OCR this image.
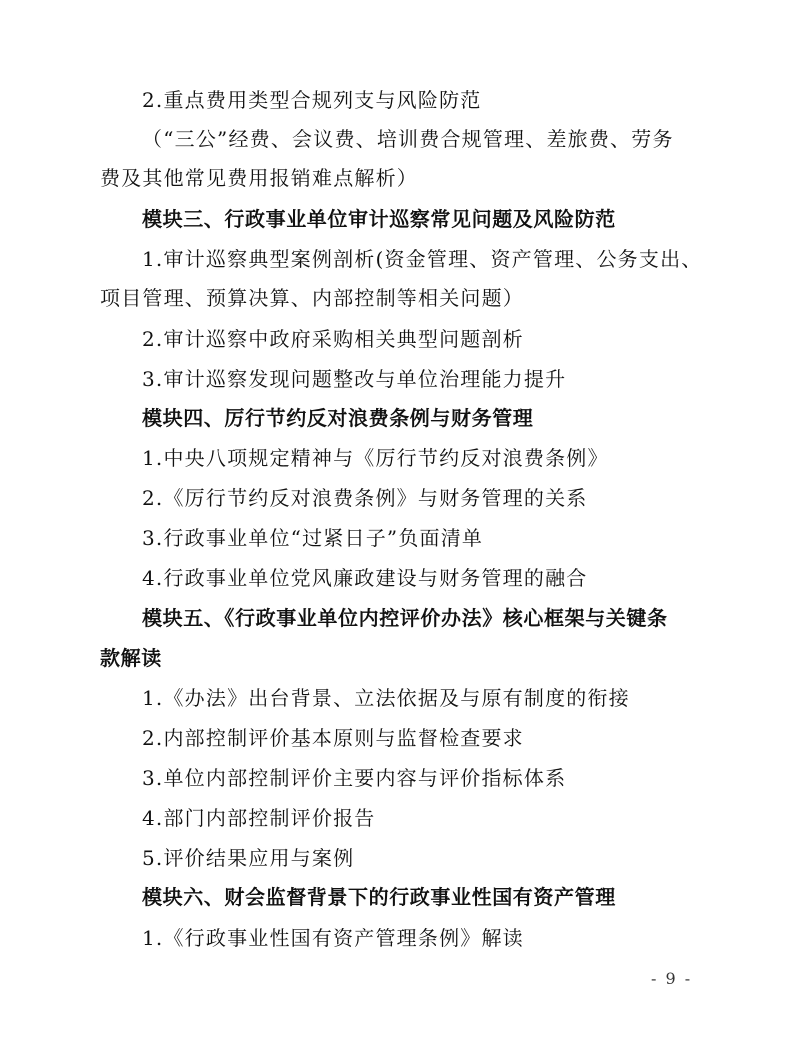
2.重点费用类型合规列支与风险防范
（“三公”经费、会议费、培训费合规管理、差旅费、劳务
费及其他常见费用报销难点解析）
模块三、行政事业单位审计巡察常见问题及风险防范
1.审计巡察典型案例剖析(资金管理、资产管理、公务支出、
项目管理、预算决算、内部控制等相关问题）
2.审计巡察中政府采购相关典型问题剖析
3.审计巡察发现问题整改与单位治理能力提升
模块四、厉行节约反对浪费条例与财务管理
1.中央八项规定精神与《厉行节约反对浪费条例》
2.《厉行节约反对浪费条例》与财务管理的关系
3.行政事业单位“过紧日子”负面清单
4.行政事业单位党风廉政建设与财务管理的融合
模块五、《行政事业单位内控评价办法》核心框架与关键条
款解读
1.《办法》出台背景、立法依据及与原有制度的衔接
2.内部控制评价基本原则与监督检查要求
3.单位内部控制评价主要内容与评价指标体系
4.部门内部控制评价报告
5.评价结果应用与案例
模块六、财会监督背景下的行政事业性国有资产管理
1.《行政事业性国有资产管理条例》解读
- 9 -
